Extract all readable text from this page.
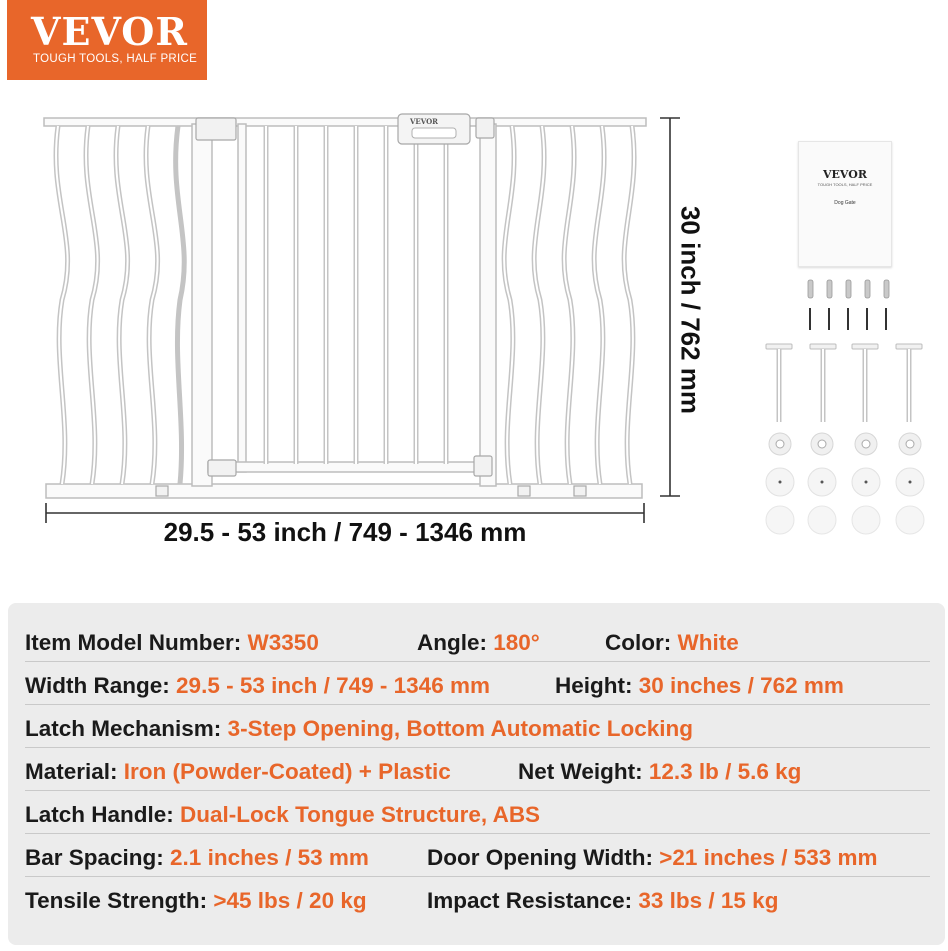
VEVOR
TOUGH TOOLS, HALF PRICE
VEVOR
29.5 - 53 inch / 749 - 1346 mm
30 inch / 762 mm
VEVOR
TOUGH TOOLS, HALF PRICE
Dog Gate
Item Model Number: W3350	Angle: 180°	Color: White
Width Range: 29.5 - 53 inch / 749 - 1346 mm	Height: 30 inches / 762 mm
Latch Mechanism: 3-Step Opening, Bottom Automatic Locking
Material: Iron (Powder-Coated) + Plastic	Net Weight: 12.3 lb / 5.6 kg
Latch Handle: Dual-Lock Tongue Structure, ABS
Bar Spacing: 2.1 inches / 53 mm	Door Opening Width: >21 inches / 533 mm
Tensile Strength: >45 lbs / 20 kg	Impact Resistance: 33 lbs / 15 kg
